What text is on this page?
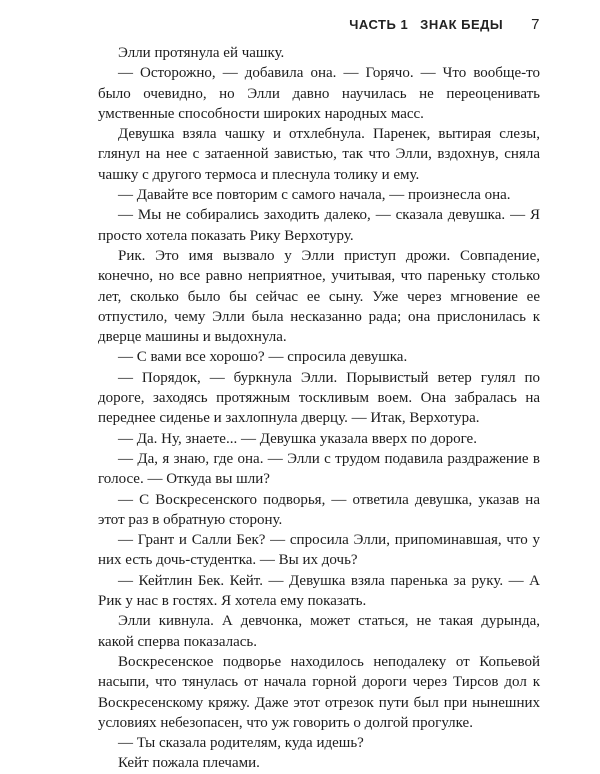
ЧАСТЬ 1 ЗНАК БЕДЫ 7

Элли протянула ей чашку.

— Осторожно, — добавила она. — Горячо. — Что вообще-то было очевидно, но Элли давно научилась не переоценивать умственные способности широких народных масс.

Девушка взяла чашку и отхлебнула. Паренек, вытирая слезы, глянул на нее с затаенной завистью, так что Элли, вздохнув, сняла чашку с другого термоса и плеснула толику и ему.

— Давайте все повторим с самого начала, — произнесла она.

— Мы не собирались заходить далеко, — сказала девушка. — Я просто хотела показать Рику Верхотуру.

Рик. Это имя вызвало у Элли приступ дрожи. Совпадение, конечно, но все равно неприятное, учитывая, что пареньку столько лет, сколько было бы сейчас ее сыну. Уже через мгновение ее отпустило, чему Элли была несказанно рада; она прислонилась к дверце машины и выдохнула.

— С вами все хорошо? — спросила девушка.

— Порядок, — буркнула Элли. Порывистый ветер гулял по дороге, заходясь протяжным тоскливым воем. Она забралась на переднее сиденье и захлопнула дверцу. — Итак, Верхотура.

— Да. Ну, знаете... — Девушка указала вверх по дороге.

— Да, я знаю, где она. — Элли с трудом подавила раздражение в голосе. — Откуда вы шли?

— С Воскресенского подворья, — ответила девушка, указав на этот раз в обратную сторону.

— Грант и Салли Бек? — спросила Элли, припоминавшая, что у них есть дочь-студентка. — Вы их дочь?

— Кейтлин Бек. Кейт. — Девушка взяла паренька за руку. — А Рик у нас в гостях. Я хотела ему показать.

Элли кивнула. А девчонка, может статься, не такая дурында, какой сперва показалась.

Воскресенское подворье находилось неподалеку от Копьевой насыпи, что тянулась от начала горной дороги через Тирсов дол к Воскресенскому кряжу. Даже этот отрезок пути был при нынешних условиях небезопасен, что уж говорить о долгой прогулке.

— Ты сказала родителям, куда идешь?

Кейт пожала плечами.
